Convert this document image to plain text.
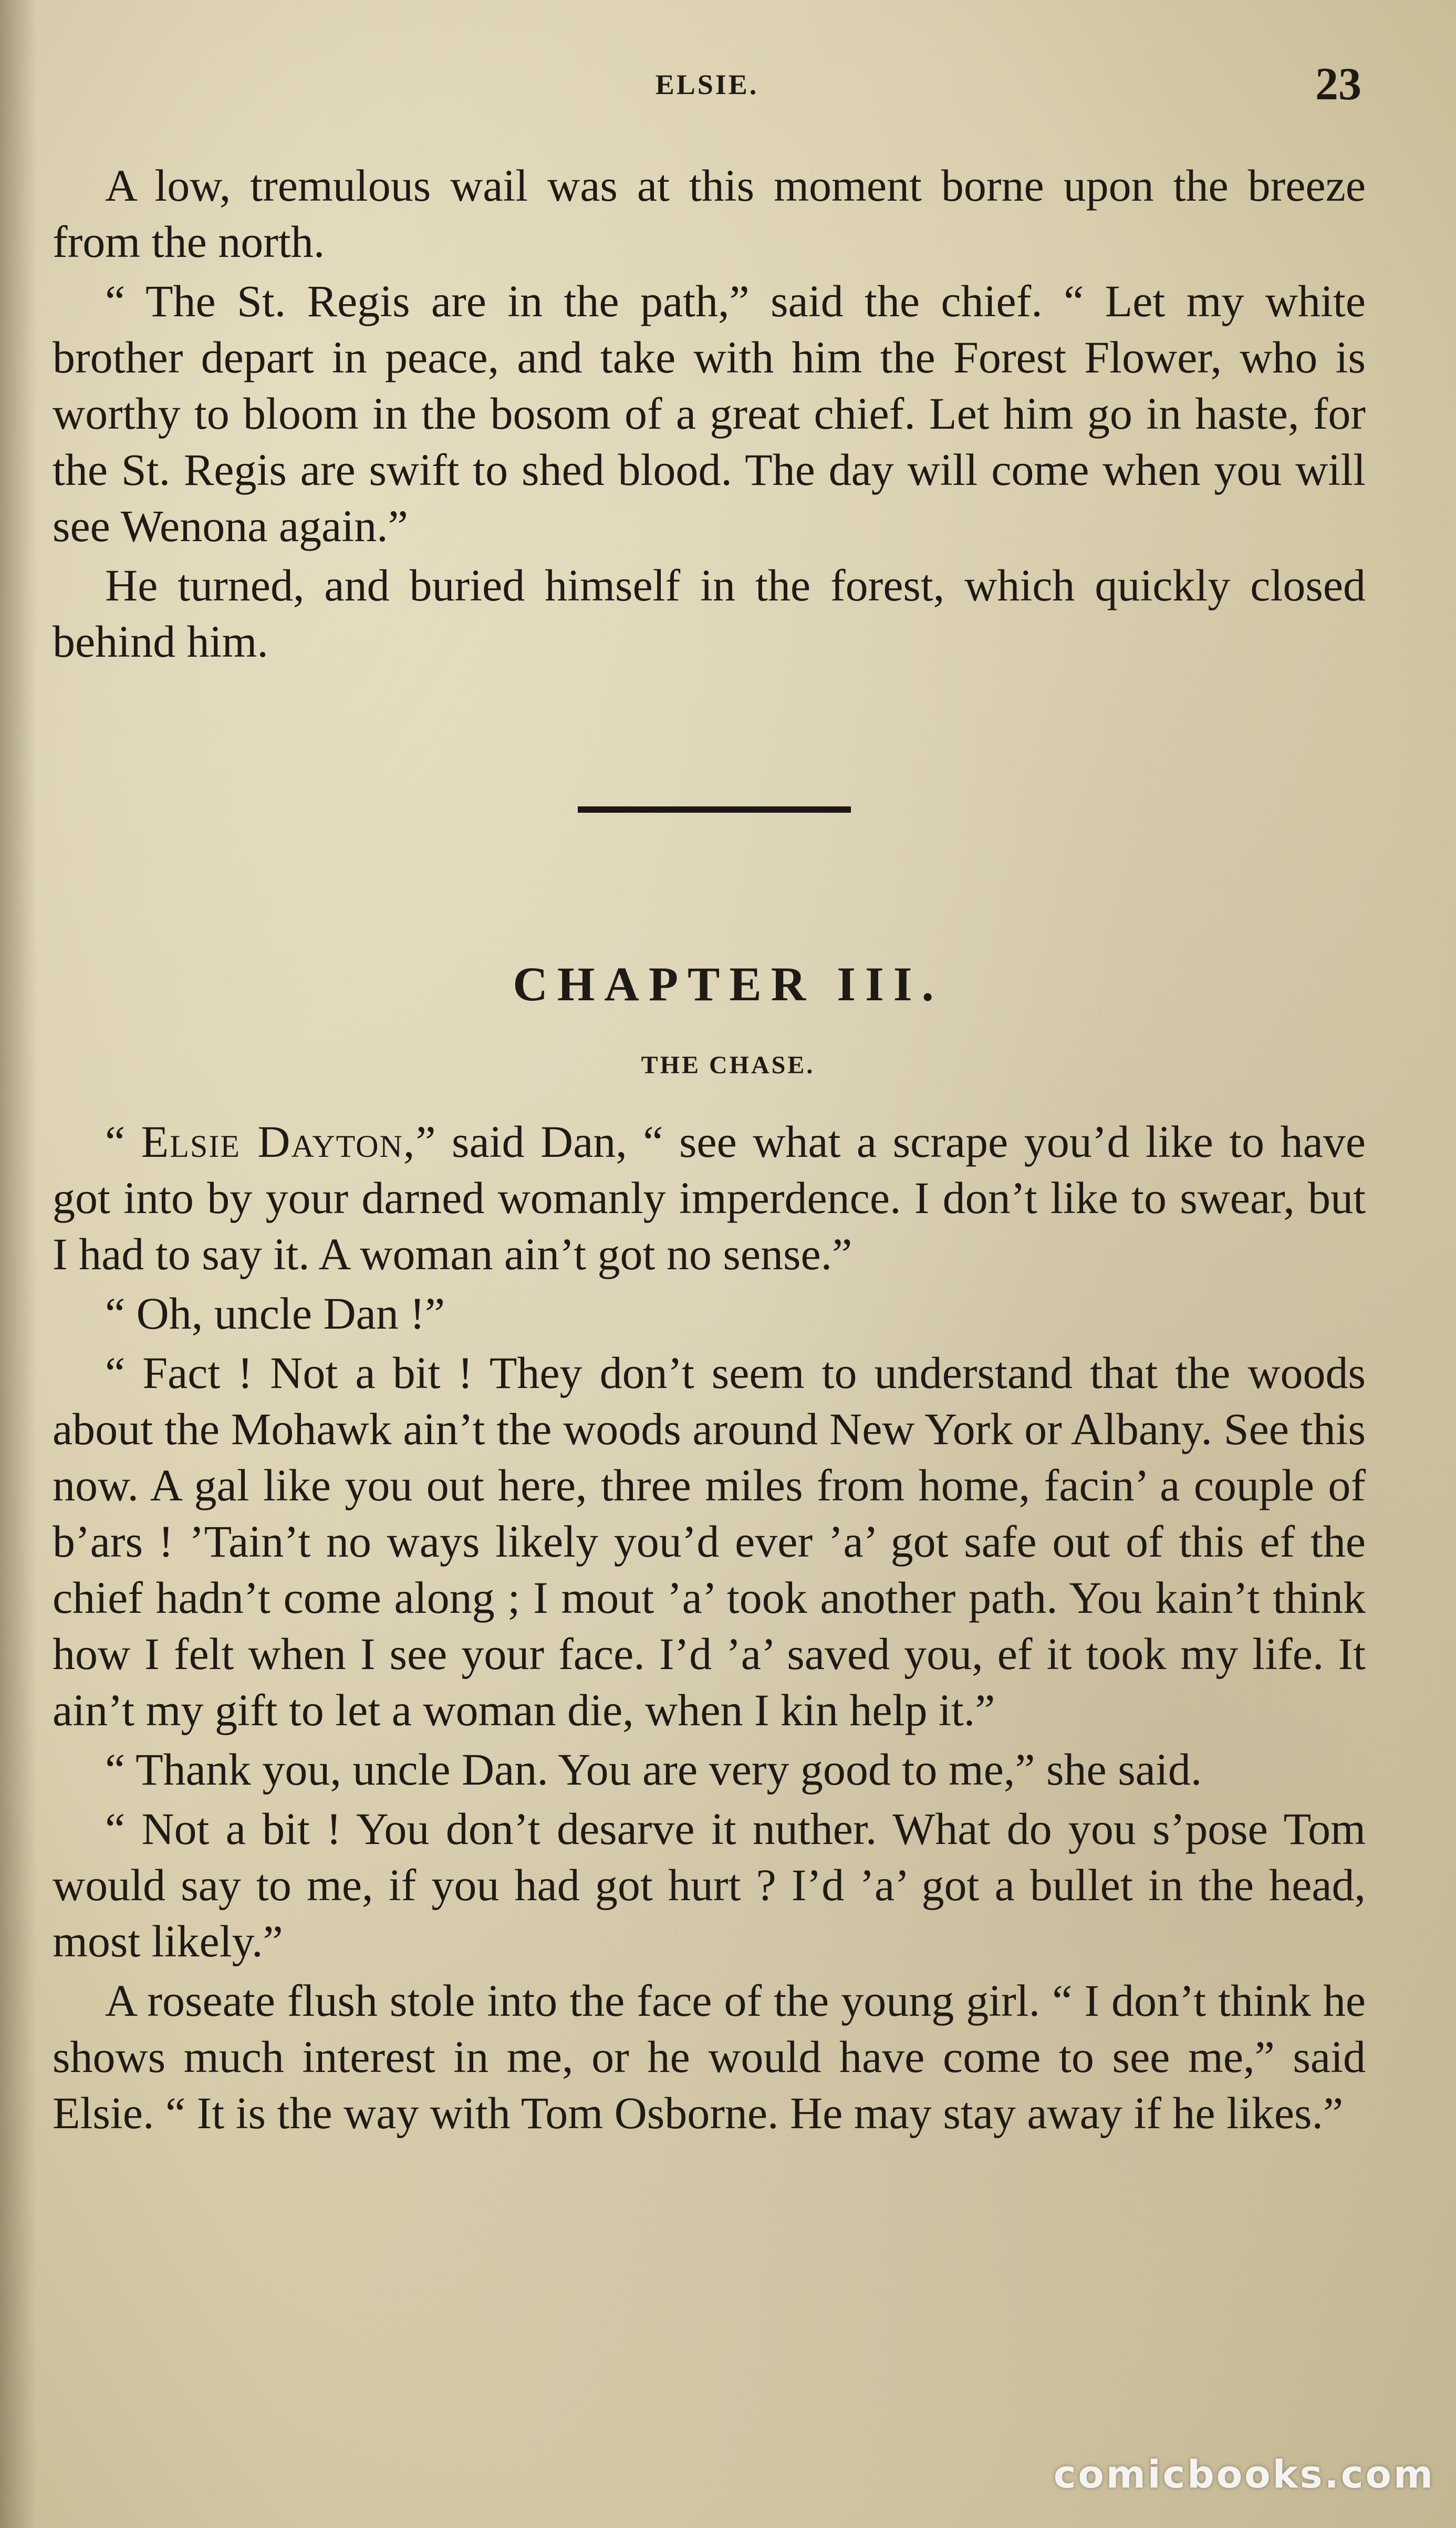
ELSIE.	23

A low, tremulous wail was at this moment borne upon the breeze from the north.

“ The St. Regis are in the path,” said the chief. “ Let my white brother depart in peace, and take with him the Forest Flower, who is worthy to bloom in the bosom of a great chief. Let him go in haste, for the St. Regis are swift to shed blood. The day will come when you will see Wenona again.”

He turned, and buried himself in the forest, which quickly closed behind him.

CHAPTER III.
THE CHASE.

“ Elsie Dayton,” said Dan, “ see what a scrape you’d like to have got into by your darned womanly imperdence. I don’t like to swear, but I had to say it. A woman ain’t got no sense.”

“ Oh, uncle Dan !”

“ Fact ! Not a bit ! They don’t seem to understand that the woods about the Mohawk ain’t the woods around New York or Albany. See this now. A gal like you out here, three miles from home, facin’ a couple of b’ars ! ’Tain’t no ways likely you’d ever ’a’ got safe out of this ef the chief hadn’t come along ; I mout ’a’ took another path. You kain’t think how I felt when I see your face. I’d ’a’ saved you, ef it took my life. It ain’t my gift to let a woman die, when I kin help it.”

“ Thank you, uncle Dan. You are very good to me,” she said.

“ Not a bit ! You don’t desarve it nuther. What do you s’pose Tom would say to me, if you had got hurt ? I’d ’a’ got a bullet in the head, most likely.”

A roseate flush stole into the face of the young girl. “ I don’t think he shows much interest in me, or he would have come to see me,” said Elsie. “ It is the way with Tom Osborne. He may stay away if he likes.”

comicbooks.com
